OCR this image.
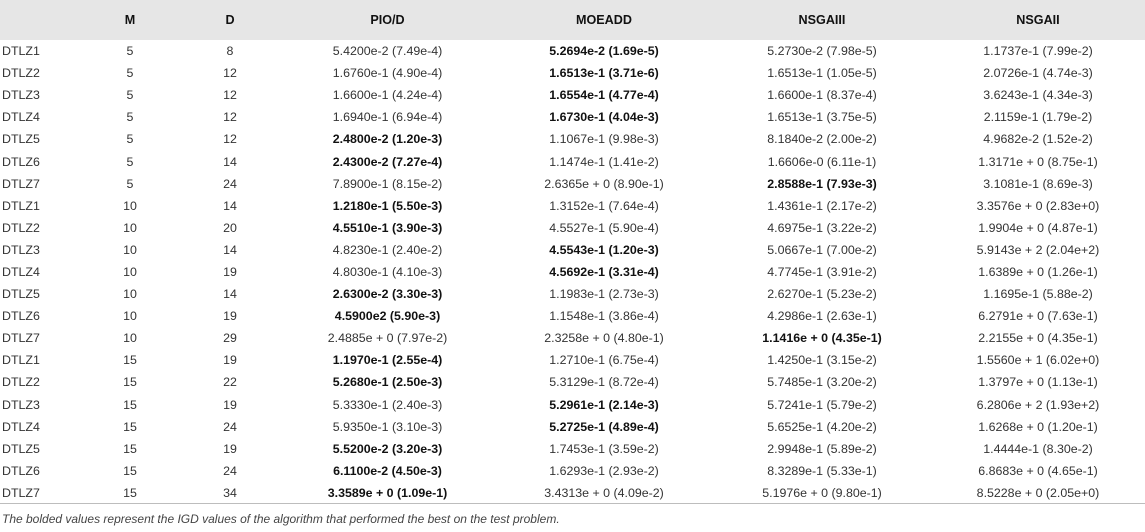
	M	D	PIO/D	MOEADD	NSGAIII	NSGAII
DTLZ1	5	8	5.4200e-2 (7.49e-4)	5.2694e-2 (1.69e-5)	5.2730e-2 (7.98e-5)	1.1737e-1 (7.99e-2)
DTLZ2	5	12	1.6760e-1 (4.90e-4)	1.6513e-1 (3.71e-6)	1.6513e-1 (1.05e-5)	2.0726e-1 (4.74e-3)
DTLZ3	5	12	1.6600e-1 (4.24e-4)	1.6554e-1 (4.77e-4)	1.6600e-1 (8.37e-4)	3.6243e-1 (4.34e-3)
DTLZ4	5	12	1.6940e-1 (6.94e-4)	1.6730e-1 (4.04e-3)	1.6513e-1 (3.75e-5)	2.1159e-1 (1.79e-2)
DTLZ5	5	12	2.4800e-2 (1.20e-3)	1.1067e-1 (9.98e-3)	8.1840e-2 (2.00e-2)	4.9682e-2 (1.52e-2)
DTLZ6	5	14	2.4300e-2 (7.27e-4)	1.1474e-1 (1.41e-2)	1.6606e-0 (6.11e-1)	1.3171e + 0 (8.75e-1)
DTLZ7	5	24	7.8900e-1 (8.15e-2)	2.6365e + 0 (8.90e-1)	2.8588e-1 (7.93e-3)	3.1081e-1 (8.69e-3)
DTLZ1	10	14	1.2180e-1 (5.50e-3)	1.3152e-1 (7.64e-4)	1.4361e-1 (2.17e-2)	3.3576e + 0 (2.83e+0)
DTLZ2	10	20	4.5510e-1 (3.90e-3)	4.5527e-1 (5.90e-4)	4.6975e-1 (3.22e-2)	1.9904e + 0 (4.87e-1)
DTLZ3	10	14	4.8230e-1 (2.40e-2)	4.5543e-1 (1.20e-3)	5.0667e-1 (7.00e-2)	5.9143e + 2 (2.04e+2)
DTLZ4	10	19	4.8030e-1 (4.10e-3)	4.5692e-1 (3.31e-4)	4.7745e-1 (3.91e-2)	1.6389e + 0 (1.26e-1)
DTLZ5	10	14	2.6300e-2 (3.30e-3)	1.1983e-1 (2.73e-3)	2.6270e-1 (5.23e-2)	1.1695e-1 (5.88e-2)
DTLZ6	10	19	4.5900e2 (5.90e-3)	1.1548e-1 (3.86e-4)	4.2986e-1 (2.63e-1)	6.2791e + 0 (7.63e-1)
DTLZ7	10	29	2.4885e + 0 (7.97e-2)	2.3258e + 0 (4.80e-1)	1.1416e + 0 (4.35e-1)	2.2155e + 0 (4.35e-1)
DTLZ1	15	19	1.1970e-1 (2.55e-4)	1.2710e-1 (6.75e-4)	1.4250e-1 (3.15e-2)	1.5560e + 1 (6.02e+0)
DTLZ2	15	22	5.2680e-1 (2.50e-3)	5.3129e-1 (8.72e-4)	5.7485e-1 (3.20e-2)	1.3797e + 0 (1.13e-1)
DTLZ3	15	19	5.3330e-1 (2.40e-3)	5.2961e-1 (2.14e-3)	5.7241e-1 (5.79e-2)	6.2806e + 2 (1.93e+2)
DTLZ4	15	24	5.9350e-1 (3.10e-3)	5.2725e-1 (4.89e-4)	5.6525e-1 (4.20e-2)	1.6268e + 0 (1.20e-1)
DTLZ5	15	19	5.5200e-2 (3.20e-3)	1.7453e-1 (3.59e-2)	2.9948e-1 (5.89e-2)	1.4444e-1 (8.30e-2)
DTLZ6	15	24	6.1100e-2 (4.50e-3)	1.6293e-1 (2.93e-2)	8.3289e-1 (5.33e-1)	6.8683e + 0 (4.65e-1)
DTLZ7	15	34	3.3589e + 0 (1.09e-1)	3.4313e + 0 (4.09e-2)	5.1976e + 0 (9.80e-1)	8.5228e + 0 (2.05e+0)
The bolded values represent the IGD values of the algorithm that performed the best on the test problem.
